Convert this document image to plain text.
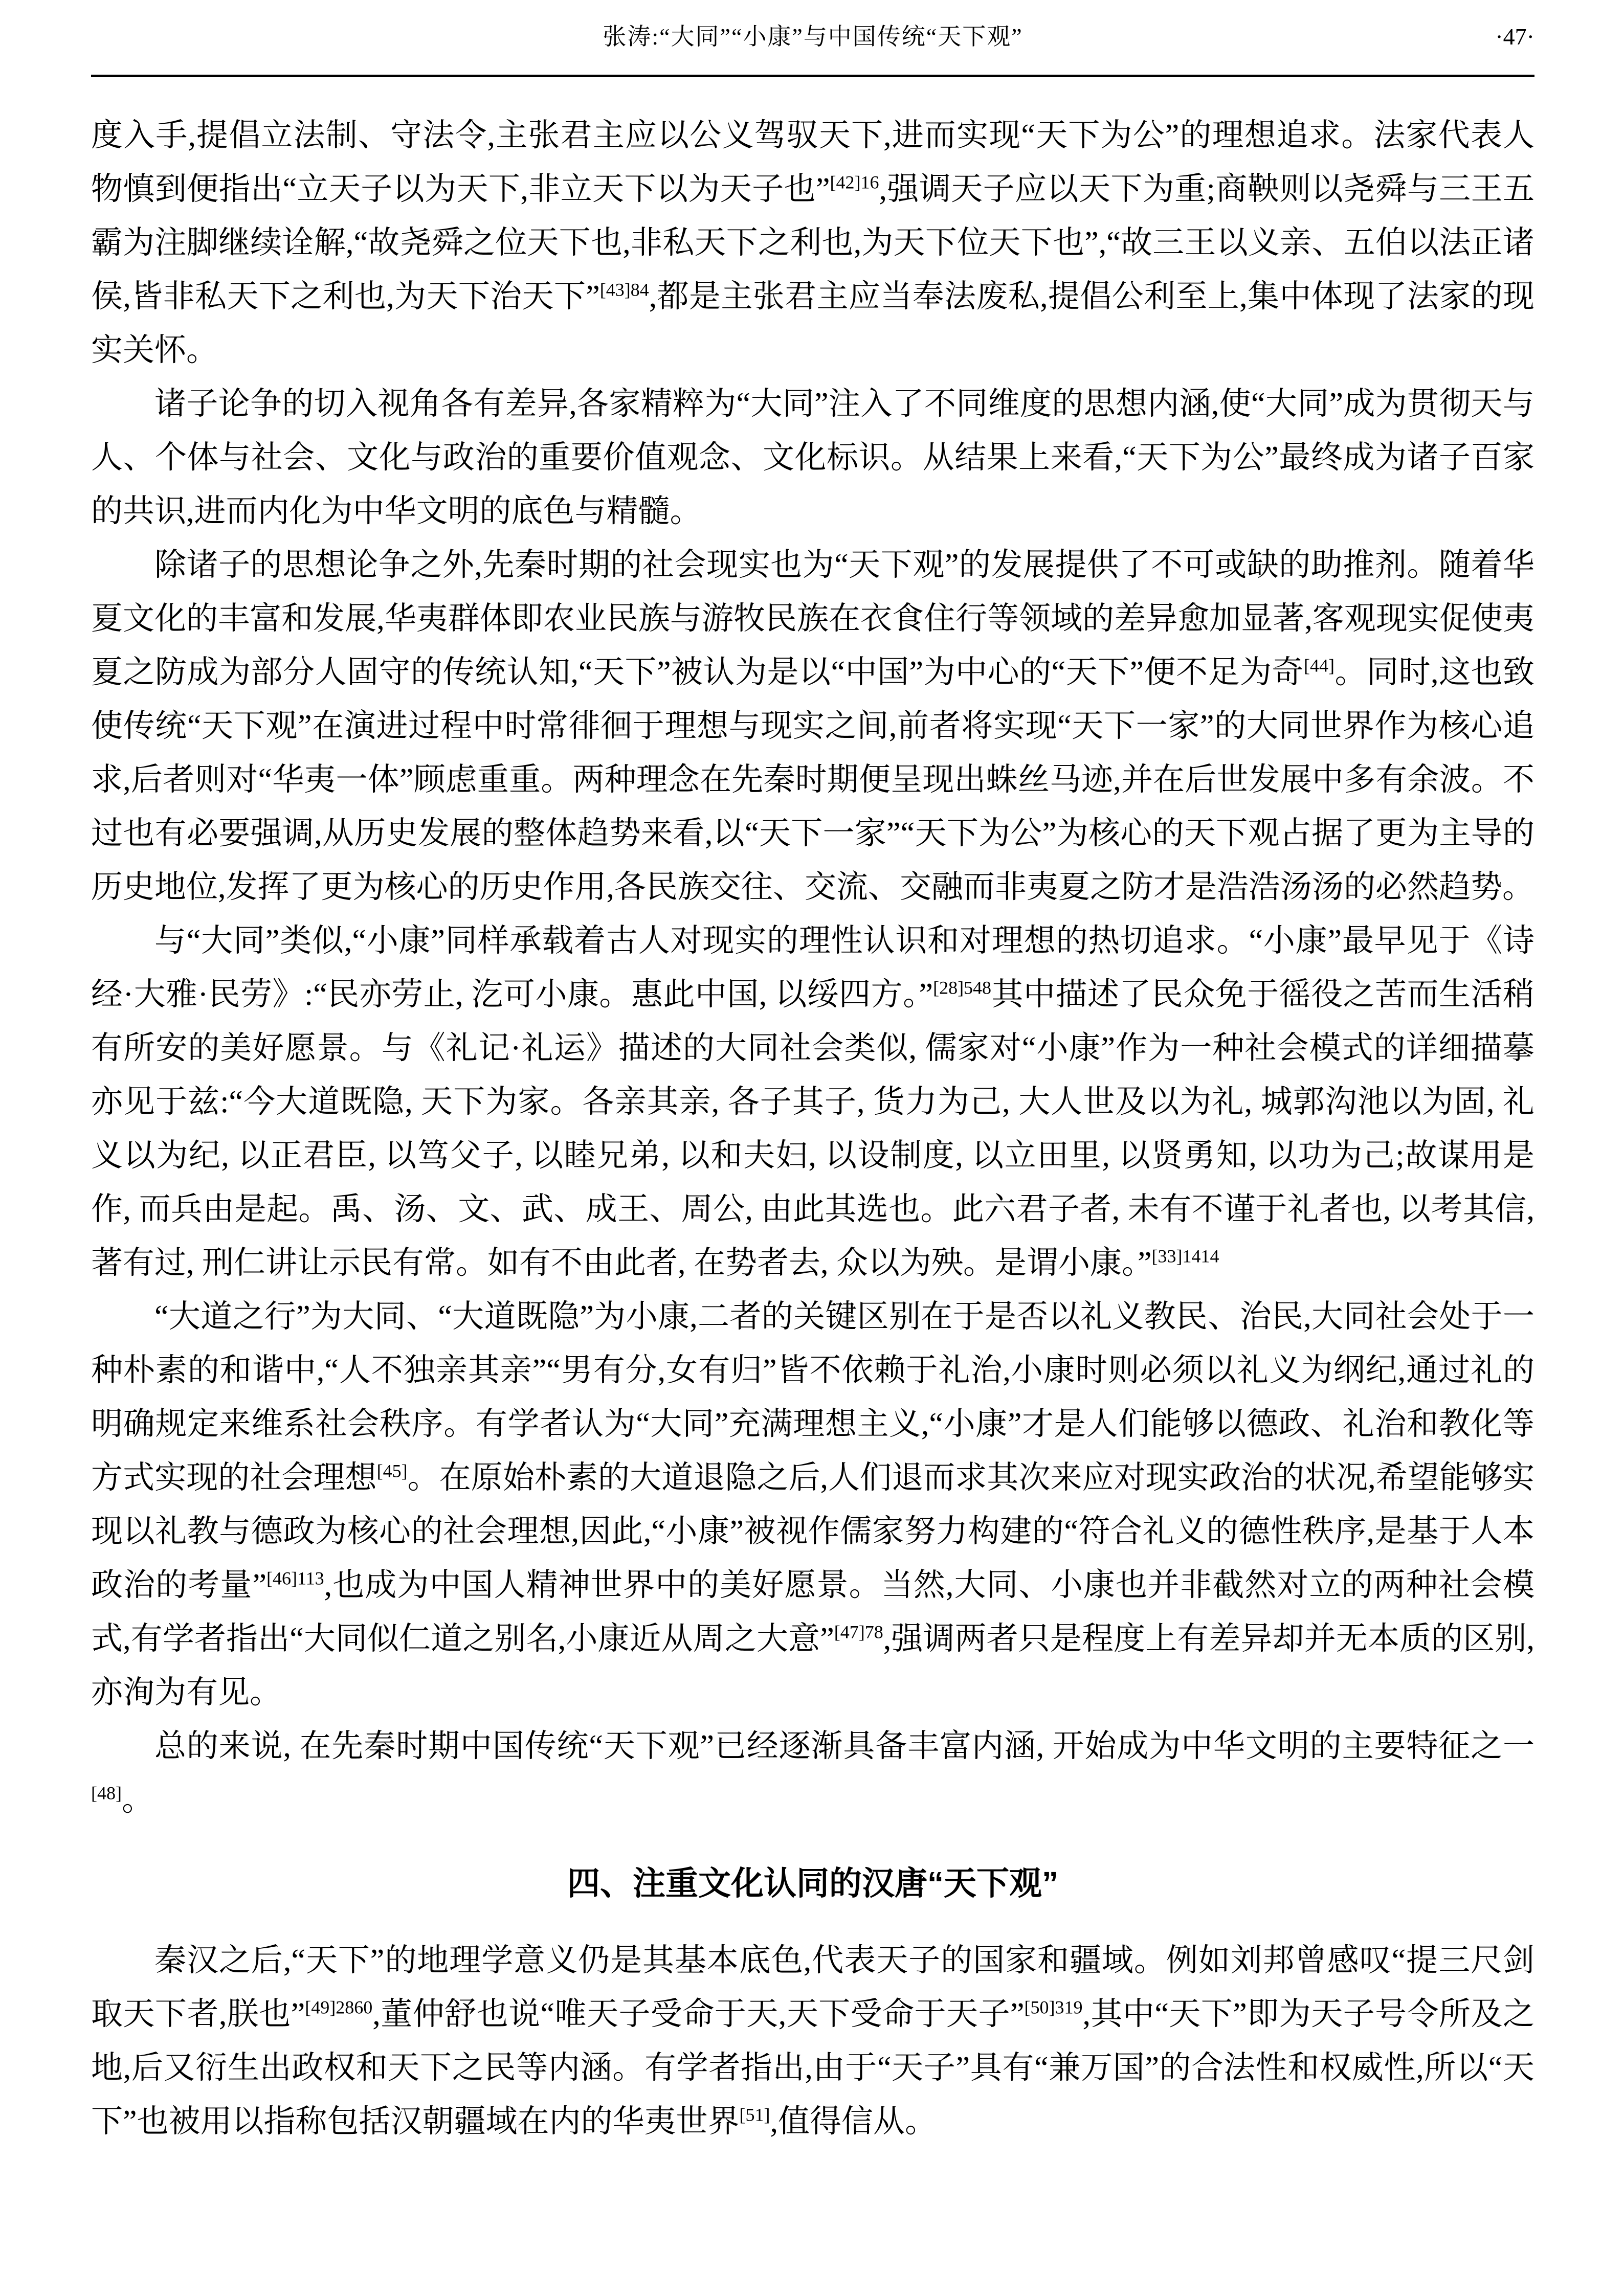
张涛:“大同”“小康”与中国传统“天下观”	·47·

度入手,提倡立法制、守法令,主张君主应以公义驾驭天下,进而实现“天下为公”的理想追求。法家代表人物慎到便指出“立天子以为天下,非立天下以为天子也”$^{[42]16}$,强调天子应以天下为重;商鞅则以尧舜与三王五霸为注脚继续诠解,“故尧舜之位天下也,非私天下之利也,为天下位天下也”,“故三王以义亲、五伯以法正诸侯,皆非私天下之利也,为天下治天下”$^{[43]84}$,都是主张君主应当奉法废私,提倡公利至上,集中体现了法家的现实关怀。

诸子论争的切入视角各有差异,各家精粹为“大同”注入了不同维度的思想内涵,使“大同”成为贯彻天与人、个体与社会、文化与政治的重要价值观念、文化标识。从结果上来看,“天下为公”最终成为诸子百家的共识,进而内化为中华文明的底色与精髓。

除诸子的思想论争之外,先秦时期的社会现实也为“天下观”的发展提供了不可或缺的助推剂。随着华夏文化的丰富和发展,华夷群体即农业民族与游牧民族在衣食住行等领域的差异愈加显著,客观现实促使夷夏之防成为部分人固守的传统认知,“天下”被认为是以“中国”为中心的“天下”便不足为奇[44]。同时,这也致使传统“天下观”在演进过程中时常徘徊于理想与现实之间,前者将实现“天下一家”的大同世界作为核心追求,后者则对“华夷一体”顾虑重重。两种理念在先秦时期便呈现出蛛丝马迹,并在后世发展中多有余波。不过也有必要强调,从历史发展的整体趋势来看,以“天下一家”“天下为公”为核心的天下观占据了更为主导的历史地位,发挥了更为核心的历史作用,各民族交往、交流、交融而非夷夏之防才是浩浩汤汤的必然趋势。

与“大同”类似,“小康”同样承载着古人对现实的理性认识和对理想的热切追求。“小康”最早见于《诗经·大雅·民劳》:“民亦劳止, 汔可小康。惠此中国, 以绥四方。”$^{[28]548}$其中描述了民众免于徭役之苦而生活稍有所安的美好愿景。与《礼记·礼运》描述的大同社会类似, 儒家对“小康”作为一种社会模式的详细描摹亦见于兹:“今大道既隐, 天下为家。各亲其亲, 各子其子, 货力为己, 大人世及以为礼, 城郭沟池以为固, 礼义以为纪, 以正君臣, 以笃父子, 以睦兄弟, 以和夫妇, 以设制度, 以立田里, 以贤勇知, 以功为己;故谋用是作, 而兵由是起。禹、汤、文、武、成王、周公, 由此其选也。此六君子者, 未有不谨于礼者也, 以考其信, 著有过, 刑仁讲让示民有常。如有不由此者, 在势者去, 众以为殃。是谓小康。”$^{[33]1414}$

“大道之行”为大同、“大道既隐”为小康,二者的关键区别在于是否以礼义教民、治民,大同社会处于一种朴素的和谐中,“人不独亲其亲”“男有分,女有归”皆不依赖于礼治,小康时则必须以礼义为纲纪,通过礼的明确规定来维系社会秩序。有学者认为“大同”充满理想主义,“小康”才是人们能够以德政、礼治和教化等方式实现的社会理想[45]。在原始朴素的大道退隐之后,人们退而求其次来应对现实政治的状况,希望能够实现以礼教与德政为核心的社会理想,因此,“小康”被视作儒家努力构建的“符合礼义的德性秩序,是基于人本政治的考量”$^{[46]113}$,也成为中国人精神世界中的美好愿景。当然,大同、小康也并非截然对立的两种社会模式,有学者指出“大同似仁道之别名,小康近从周之大意”$^{[47]78}$,强调两者只是程度上有差异却并无本质的区别,亦洵为有见。

总的来说, 在先秦时期中国传统“天下观”已经逐渐具备丰富内涵, 开始成为中华文明的主要特征之一[48]。

四、注重文化认同的汉唐“天下观”

秦汉之后,“天下”的地理学意义仍是其基本底色,代表天子的国家和疆域。例如刘邦曾感叹“提三尺剑取天下者,朕也”$^{[49]2860}$,董仲舒也说“唯天子受命于天,天下受命于天子”$^{[50]319}$,其中“天下”即为天子号令所及之地,后又衍生出政权和天下之民等内涵。有学者指出,由于“天子”具有“兼万国”的合法性和权威性,所以“天下”也被用以指称包括汉朝疆域在内的华夷世界[51],值得信从。
